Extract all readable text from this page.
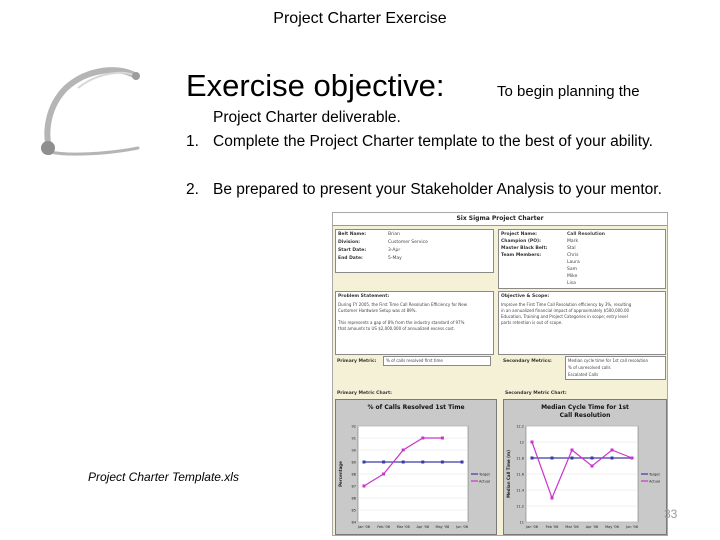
Project Charter Exercise
Exercise objective:	To begin planning the
Project Charter deliverable.
1. Complete the Project Charter template to the best of your ability.
2. Be prepared to present your Stakeholder Analysis to your mentor.
Six Sigma Project Charter
Belt Name:	Brian
Division:	Customer Service
Start Date:	3-Apr
End Date:	5-May
Project Name:	Call Resolution
Champion (PO):	Mark
Master Black Belt:	Stal
Team Members:	Chris
Laura
Sam
Mike
Lisa
Problem Statement:
During FY 2005, the First Time Call Resolution Efficiency for New
Customer Hardware Setup was at 89%.
This represents a gap of 8% from the industry standard of 97%
that amounts to US $2,000,000 of annualized excess cost.
Objective & Scope:
Improve the First Time Call Resolution efficiency by 3%, resulting
in an annualized financial impact of approximately $500,000.00
Education, Training and Project Categories in scope; entry level
parts retention is out of scope.
Primary Metric: % of calls resolved first time	Secondary Metrics:	Median cycle time for 1st call resolution
% of unresolved calls
Escalated Calls
Primary Metric Chart:	Secondary Metric Chart:
% of Calls Resolved 1st Time
84
85
86
87
88
89
90
91
92
Jan '06 Feb '06 Mar '06 Apr '06 May '06 Jun '06
Percentage	Target
Actual
Median Cycle Time for 1st
Call Resolution
11
11.2
11.4
11.6
11.8
12
12.2
Jan '06 Feb '06 Mar '06 Apr '06 May '06 Jun '06
Median Call Time (m)	Target
Actual
Project Charter Template.xls
33
